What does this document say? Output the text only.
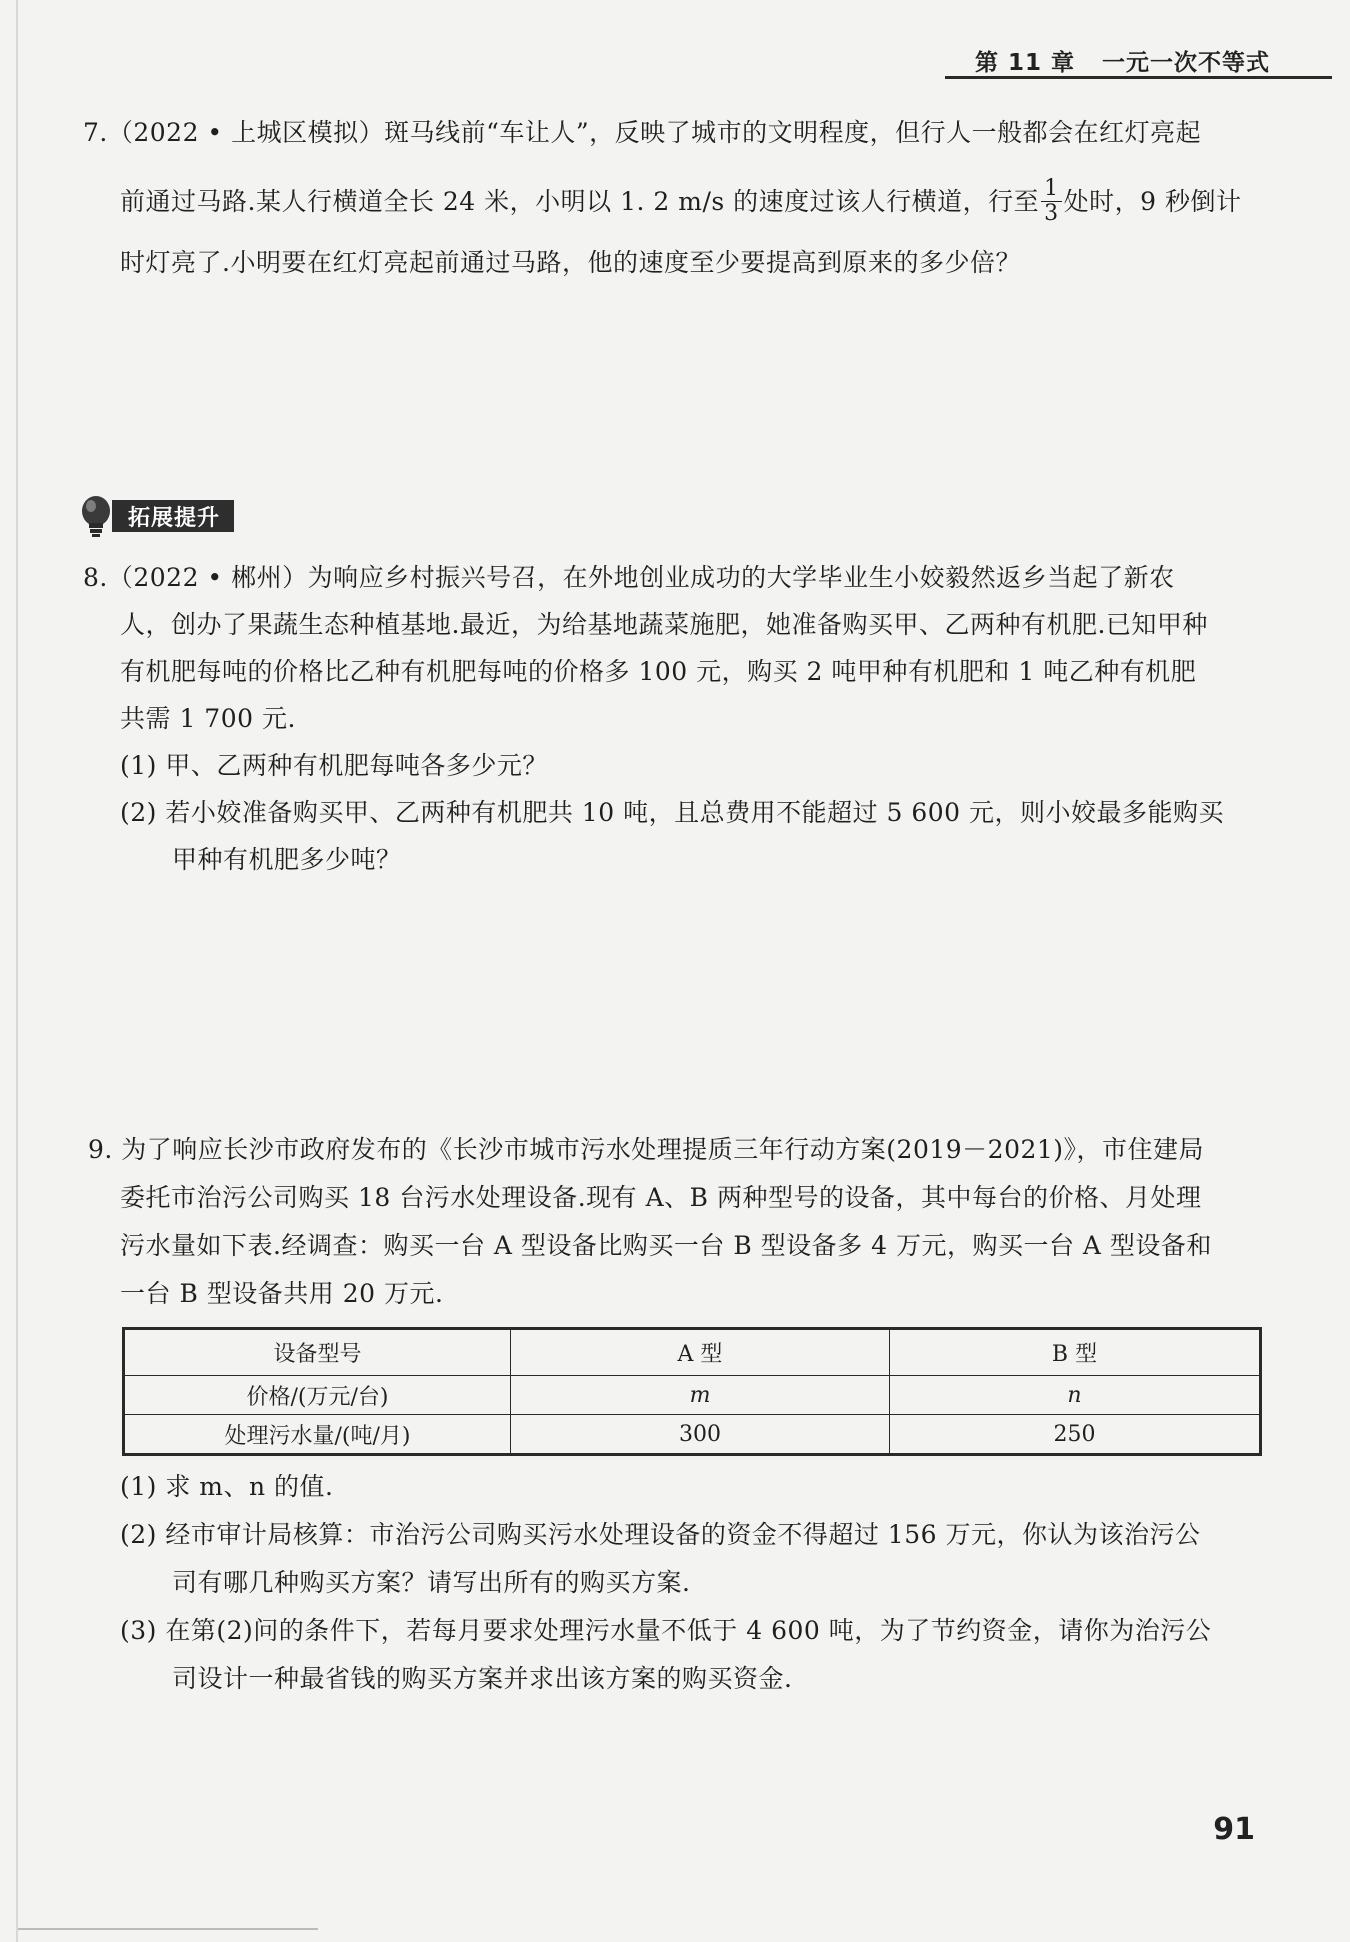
第 11 章 一元一次不等式
7.（2022 • 上城区模拟）斑马线前“车让人”，反映了城市的文明程度，但行人一般都会在红灯亮起
前通过马路.某人行横道全长 24 米，小明以 1. 2 m/s 的速度过该人行横道，行至 $\frac{1}{3}$ 处时，9 秒倒计
时灯亮了.小明要在红灯亮起前通过马路，他的速度至少要提高到原来的多少倍？
拓展提升
8.（2022 • 郴州）为响应乡村振兴号召，在外地创业成功的大学毕业生小姣毅然返乡当起了新农
人，创办了果蔬生态种植基地.最近，为给基地蔬菜施肥，她准备购买甲、乙两种有机肥.已知甲种
有机肥每吨的价格比乙种有机肥每吨的价格多 100 元，购买 2 吨甲种有机肥和 1 吨乙种有机肥
共需 1 700 元.
(1) 甲、乙两种有机肥每吨各多少元？
(2) 若小姣准备购买甲、乙两种有机肥共 10 吨，且总费用不能超过 5 600 元，则小姣最多能购买
甲种有机肥多少吨？
9. 为了响应长沙市政府发布的《长沙市城市污水处理提质三年行动方案(2019－2021)》，市住建局
委托市治污公司购买 18 台污水处理设备.现有 A、B 两种型号的设备，其中每台的价格、月处理
污水量如下表.经调查：购买一台 A 型设备比购买一台 B 型设备多 4 万元，购买一台 A 型设备和
一台 B 型设备共用 20 万元.
设备型号	A 型	B 型
价格/(万元/台)	m	n
处理污水量/(吨/月)	300	250
(1) 求 m、n 的值.
(2) 经市审计局核算：市治污公司购买污水处理设备的资金不得超过 156 万元，你认为该治污公
司有哪几种购买方案？请写出所有的购买方案.
(3) 在第(2)问的条件下，若每月要求处理污水量不低于 4 600 吨，为了节约资金，请你为治污公
司设计一种最省钱的购买方案并求出该方案的购买资金.
91
